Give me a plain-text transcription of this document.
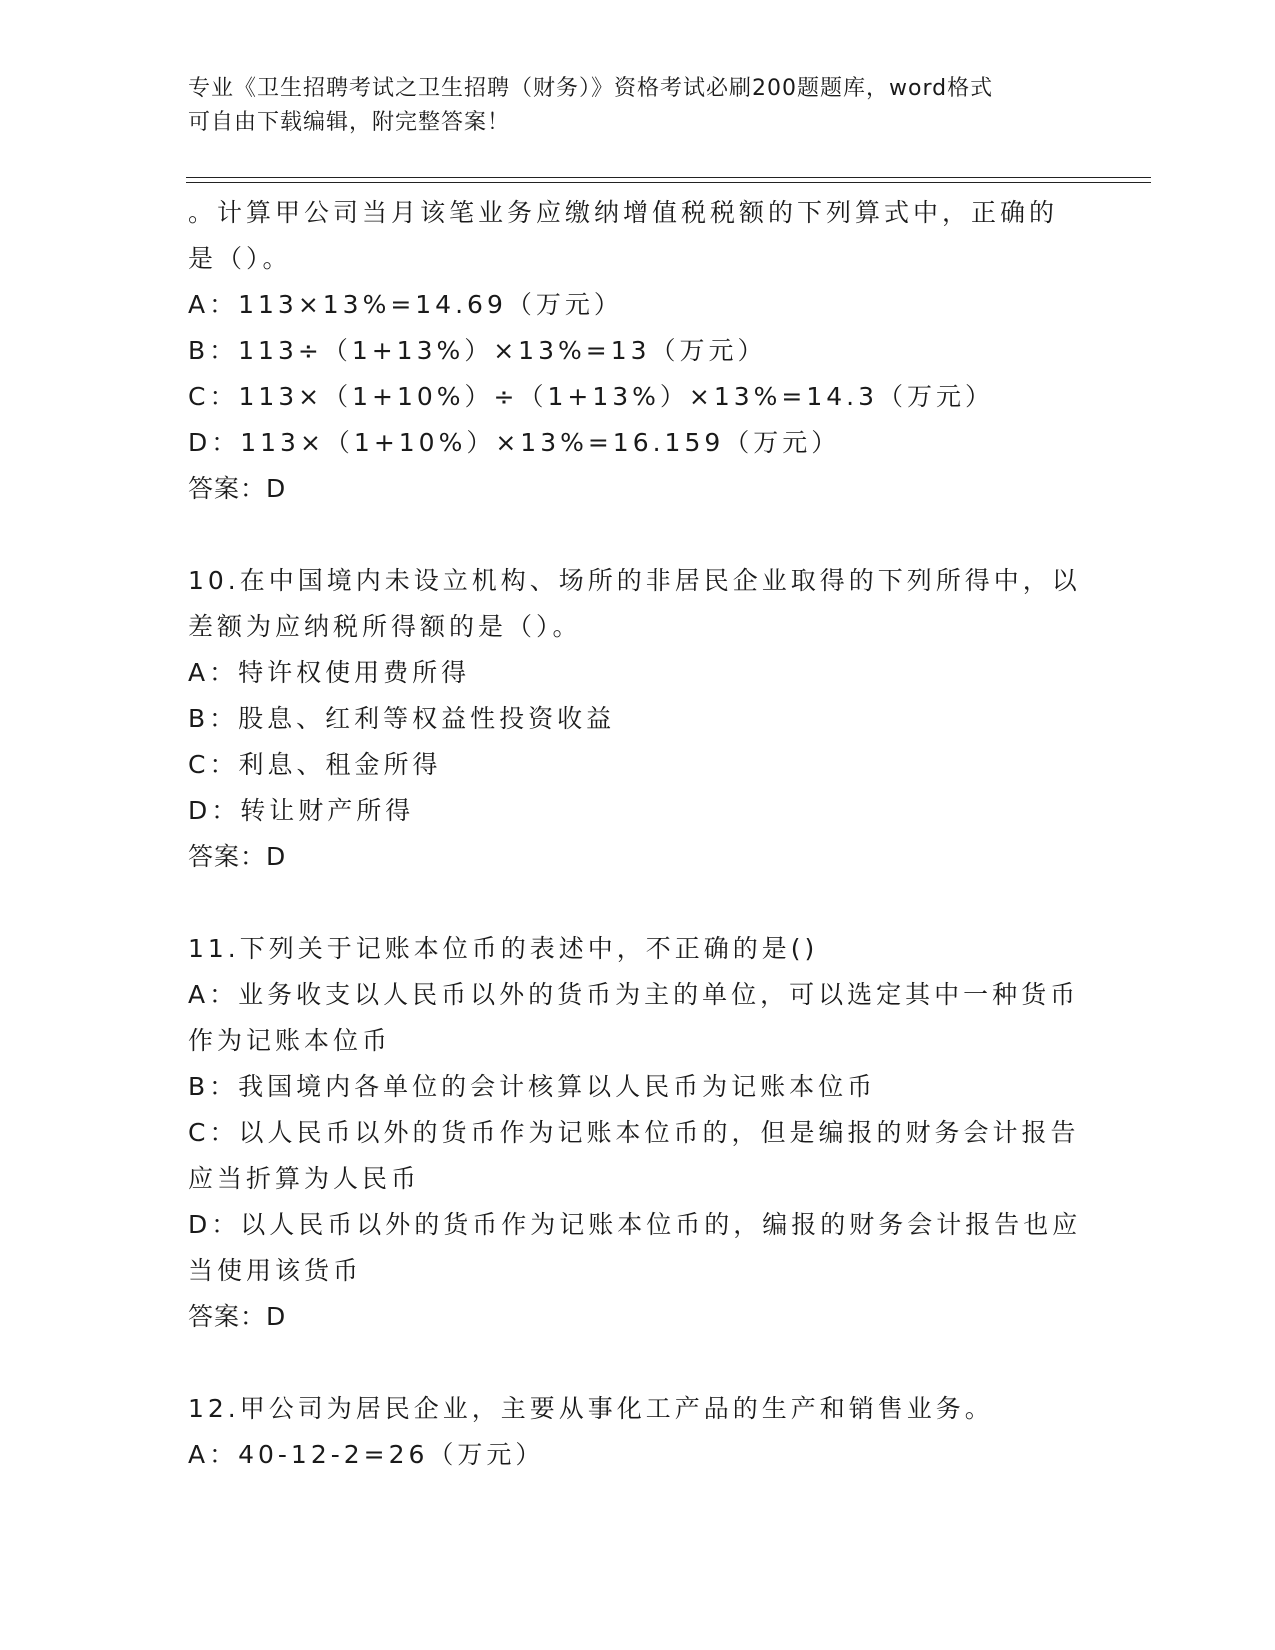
专业《卫生招聘考试之卫生招聘（财务）》资格考试必刷200题题库，word格式
可自由下载编辑，附完整答案！
。计算甲公司当月该笔业务应缴纳增值税税额的下列算式中，正确的
是（）。
A：113×13%=14.69（万元）
B：113÷（1+13%）×13%=13（万元）
C：113×（1+10%）÷（1+13%）×13%=14.3（万元）
D：113×（1+10%）×13%=16.159（万元）
答案：D
10.在中国境内未设立机构、场所的非居民企业取得的下列所得中，以
差额为应纳税所得额的是（）。
A：特许权使用费所得
B：股息、红利等权益性投资收益
C：利息、租金所得
D：转让财产所得
答案：D
11.下列关于记账本位币的表述中，不正确的是()
A：业务收支以人民币以外的货币为主的单位，可以选定其中一种货币
作为记账本位币
B：我国境内各单位的会计核算以人民币为记账本位币
C：以人民币以外的货币作为记账本位币的，但是编报的财务会计报告
应当折算为人民币
D：以人民币以外的货币作为记账本位币的，编报的财务会计报告也应
当使用该货币
答案：D
12.甲公司为居民企业，主要从事化工产品的生产和销售业务。
A：40-12-2=26（万元）
